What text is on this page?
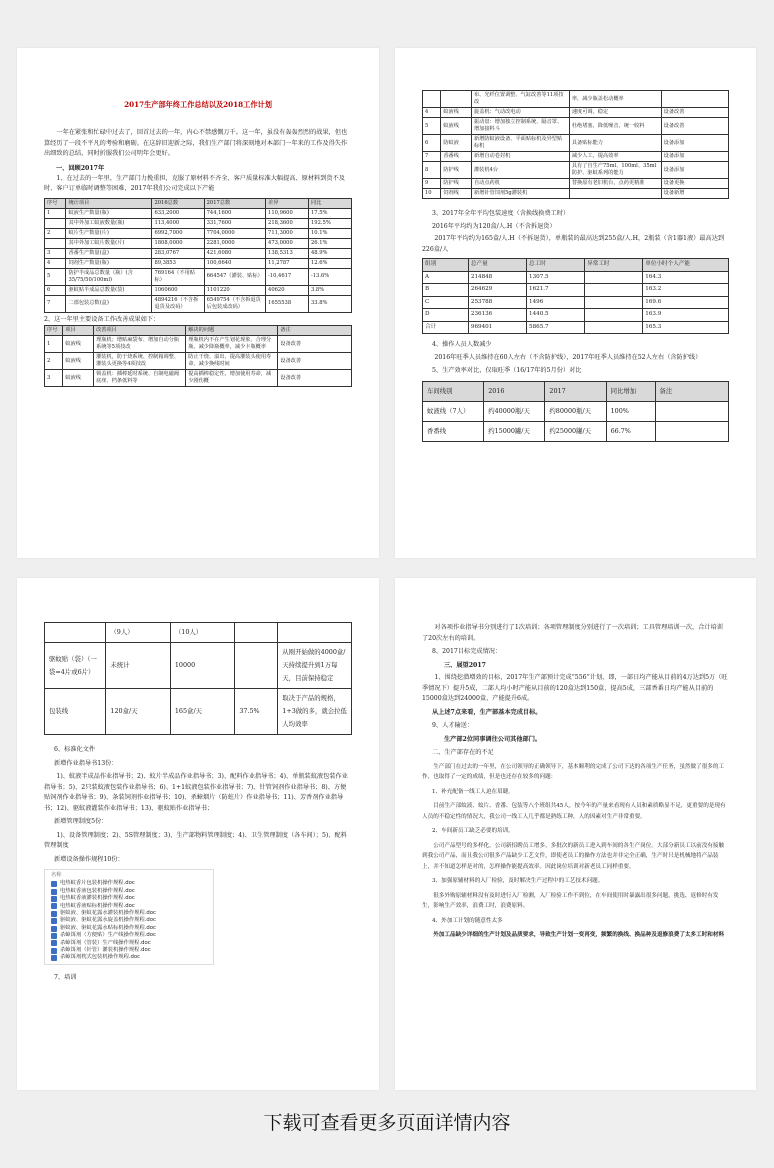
2017生产部年终工作总结以及2018工作计划

一年在紧张和忙碌中过去了，回首过去的一年，内心不禁感慨万千。这一年，虽没有轰轰烈烈的战果，但也算经历了一段不平凡的考验和磨砺。在这辞旧迎新之际，我们生产部门将深刻地对本部门一年来的工作及得失作出细致的总结，同时折服我们公司明年会更好。

一、回顾2017年

1、在过去的一年里，生产部门力挽重担，克服了原材料不齐全、客户质量标准大幅提高、原材料到货不及时、客户订单临时调整等困难，2017年我们公司完成以下产能

序号	统计项目	2016总数	2017总数	差异	同比
1	蚊液生产数量(瓶)	633,2000	744,1600	110,9600	17.5%
	其中外加工蚊液数量(瓶)	113,4000	331,7600	218,3600	192.5%
2	蚊片生产数量(片)	6992,7000	7704,0000	711,3000	10.1%
	其中外加工蚊片数量(片)	1808,0000	2281,0000	473,0000	26.1%
3	香番生产数量(盒)	283,0767	421,6080	138,5313	48.9%
4	饲剂生产数量(瓶)	89,3853	100,6640	11,2787	12.6%
5	防护半成品总数量（瓶）(含35/75/50/100ml)	769164（不用贴标）	664547（灌装、贴标）	-10,4617	-13.6%
6	驱蚊贴半成品总数量(袋)	1060600	1101220	40620	3.8%
7	二部包装总数(盒)	4894216（不含拆退货及改码）	6549754（不含拆退货后包装成改码）	1655538	33.8%

2、这一年里主要设备工作改善成果如下：

序号	项目	改善项目	解决的问题	备注
1	蚊液线	理瓶机；增贴麻袋布、增加自动分瓶系统等5项技改	理瓶机内不在产生划花现象、合理分瓶、减少降瓶概率，减少卡瓶概率	设备改善
2	蚊液线	灌装机，防于烧系统、控制箱调整、灌装头更换等4项技改	防止干烧、溢出，提高灌装头使用寿命，减少换线时间	设备改善
3	蚊液线	锁盖机：插棒延时系统、自制电磁阀底座、档条低料等	提高插棒稳定性，增加使用寿命，减少剧伤概	设备改善
		布、光纤位置调整、气缸改善等11项技改	率，减少瓶盖松动概率	
4	蚊液线	旋盖机：气动改电动	速度可调，稳定	设备改善
5	蚊液线	振动盘：增加独立控制系统、隔音罩、增加接料斗	杜绝堵塞，降低噪音，统一收料	设备改善
6	防蚊液	新增防蚊液设备、平面贴标机及异型贴标机	具备贴标能力	设备添加
7	香番线	新增自动卷封机	减少人工，提高效率	设备添加
8	防护线	灌装机4台	具有了自生产75ml、100ml、35ml防护、驱蚊系列的能力	设备添加
9	防护线	自动点药机	替换原有老旧机台，点药更精准	设备更换
10	饲剂线	新增针管饲剂5g灌装机		设备新增

3、2017年全年平均包装速度（含换线换费工时）

2016年平均约为120盒/人.H（不含拆退货）

2017年平均约为165盒/人.H（不拆退货），单瓶装的最高达到255盒/人.H，2瓶装（含1器1液）最高达到226盒/人

组别	总产量	总工时	异常工时	单位小时个人产能
A	214848	1307.5		164.3
B	264629	1621.7		163.2
C	253788	1496		169.6
D	236136	1440.5		163.9
合计	969401	5865.7		165.3

4、操作人员人数减少

2016年旺季人员维持在60人左右（不含防护线），2017年旺季人员维持在52人左右（含防护线）

5、生产效率对比，仅取旺季（16/17年的5月份）对比

车间线别	2016	2017	同比增加	备注
蚊液线（7人）	约40000瓶/天	约80000瓶/天	100%	
香番线	约15000罐/天	约25000罐/天	66.7%	
	（9人）	（10人）		
驱蚊贴（袋）（一袋=4片或6片）	未统计	10000		从刚开始做的4000盒/天持续提升到1万每天，目前保持稳定
包装线	120盒/天	165盒/天	37.5%	取决于产品的规格，1+3做的多，就会拉低人均效率

6、标准化文件

新增作业指导书13份：

1)、蚊液半成品作业指导书；2)、蚊片半成品作业指导书；3)、配料作业指导书；4)、单瓶装蚊液包装作业指导书；5)、2只装蚊液包装作业指导书；6)、1+1蚊液包装作业指导书；7)、针管饲剂作业指导书；8)、方便贴饲剂作业指导书；9)、条装饲剂作业指导书；10)、杀蟑烟片（防蛀片）作业指导书；11)、芳香剂作业指导书；12)、驱蚊液灌装作业指导书；13)、驱蚊贴作业指导书；

新增管理制度5份：

1)、设备管理制度；2)、5S管理制度；3)、生产部物料管理制度；4)、卫生管理制度（各车间）；5)、配料管理制度

新增设备操作规程10份：

名称
电热蚊香片包装机操作规程.doc
电热蚊香液包装机操作规程.doc
电热蚊香液灌装机操作规程.doc
电热蚊香液贴标机操作规程.doc
驱蚊液、驱蚊花露水灌装机操作规程.doc
驱蚊液、驱蚊花露水旋盖机操作规程.doc
驱蚊液、驱蚊花露水贴标机操作规程.doc
杀蟑饵剂（方便贴）生产线操作规程.doc
杀蟑饵剂（管装）生产线操作规程.doc
杀蟑饵剂（针管）灌装机操作规程.doc
杀蟑饵剂枕式包装机操作规程.doc

7、培训

对各项作业指导书分别进行了1次培训；各项管理制度分别进行了一次培训；工具管理培训一次，合计培训了20次左右的培训。

8、2017目标完成情况：

三、展望2017

1、围绕挖潜增效的目标，2017年生产部预计完成“556”计划，即，一部日均产能从目前的4万达到5万（旺季情况下）提升5成，二部人均小时产能从目前的120盒达到150盒，提高5成，三部香番日均产能从目前的15000盒达到24000盒，产能提升6成。

从上述7点来看，生产部基本完成目标。

9、人才输送：

生产部2位同事调往公司其他部门。

二、生产部存在的不足

生产部门在过去的一年里，在公司领导的正确领导下，基本顺利的完成了公司下达的各项生产任务，虽然做了很多的工作，也取得了一定的成绩，但是也还存在较多的问题：

1、补充配备一线工人迫在眉睫。

目前生产部蚊液、蚊片、香番、包装等八个班组共45人，按今年的产量来看现有人员和素质略显不足，更重要的是现有人员的不稳定性的情况大，我公司一线工人几乎都是熟练工种，人的因素对生产非常重要。

2、车间新员工缺乏必要的培训。

公司产品型号的多样化，公司新招聘员工增多，多批次的新员工进入到车间的各生产岗位。大部分新员工以前没有接触到我公司产品，而且我公司很多产品缺少工艺文件，即使老员工的操作方法也并非完全正确，生产时只是机械地将产品装上，并不知道怎样是对的，怎样操作能提高效率。因此岗位培训对新老员工同样重要。

3、加强原辅材料的入厂检验，及时解决生产过程中的工艺技术问题。

很多外购原辅材料没有及时进行入厂检测，入厂检验工作不到位，在车间使用时暴露出很多问题，挑选、返修时有发生，影响生产效率，浪费工时，浪费原料。

4、外加工计划的随意性太多

外加工品缺少详细的生产计划及品质要求，导致生产计划一变再变，频繁的换线、换品种及返修浪费了太多工时和材料

下载可查看更多页面详情内容
